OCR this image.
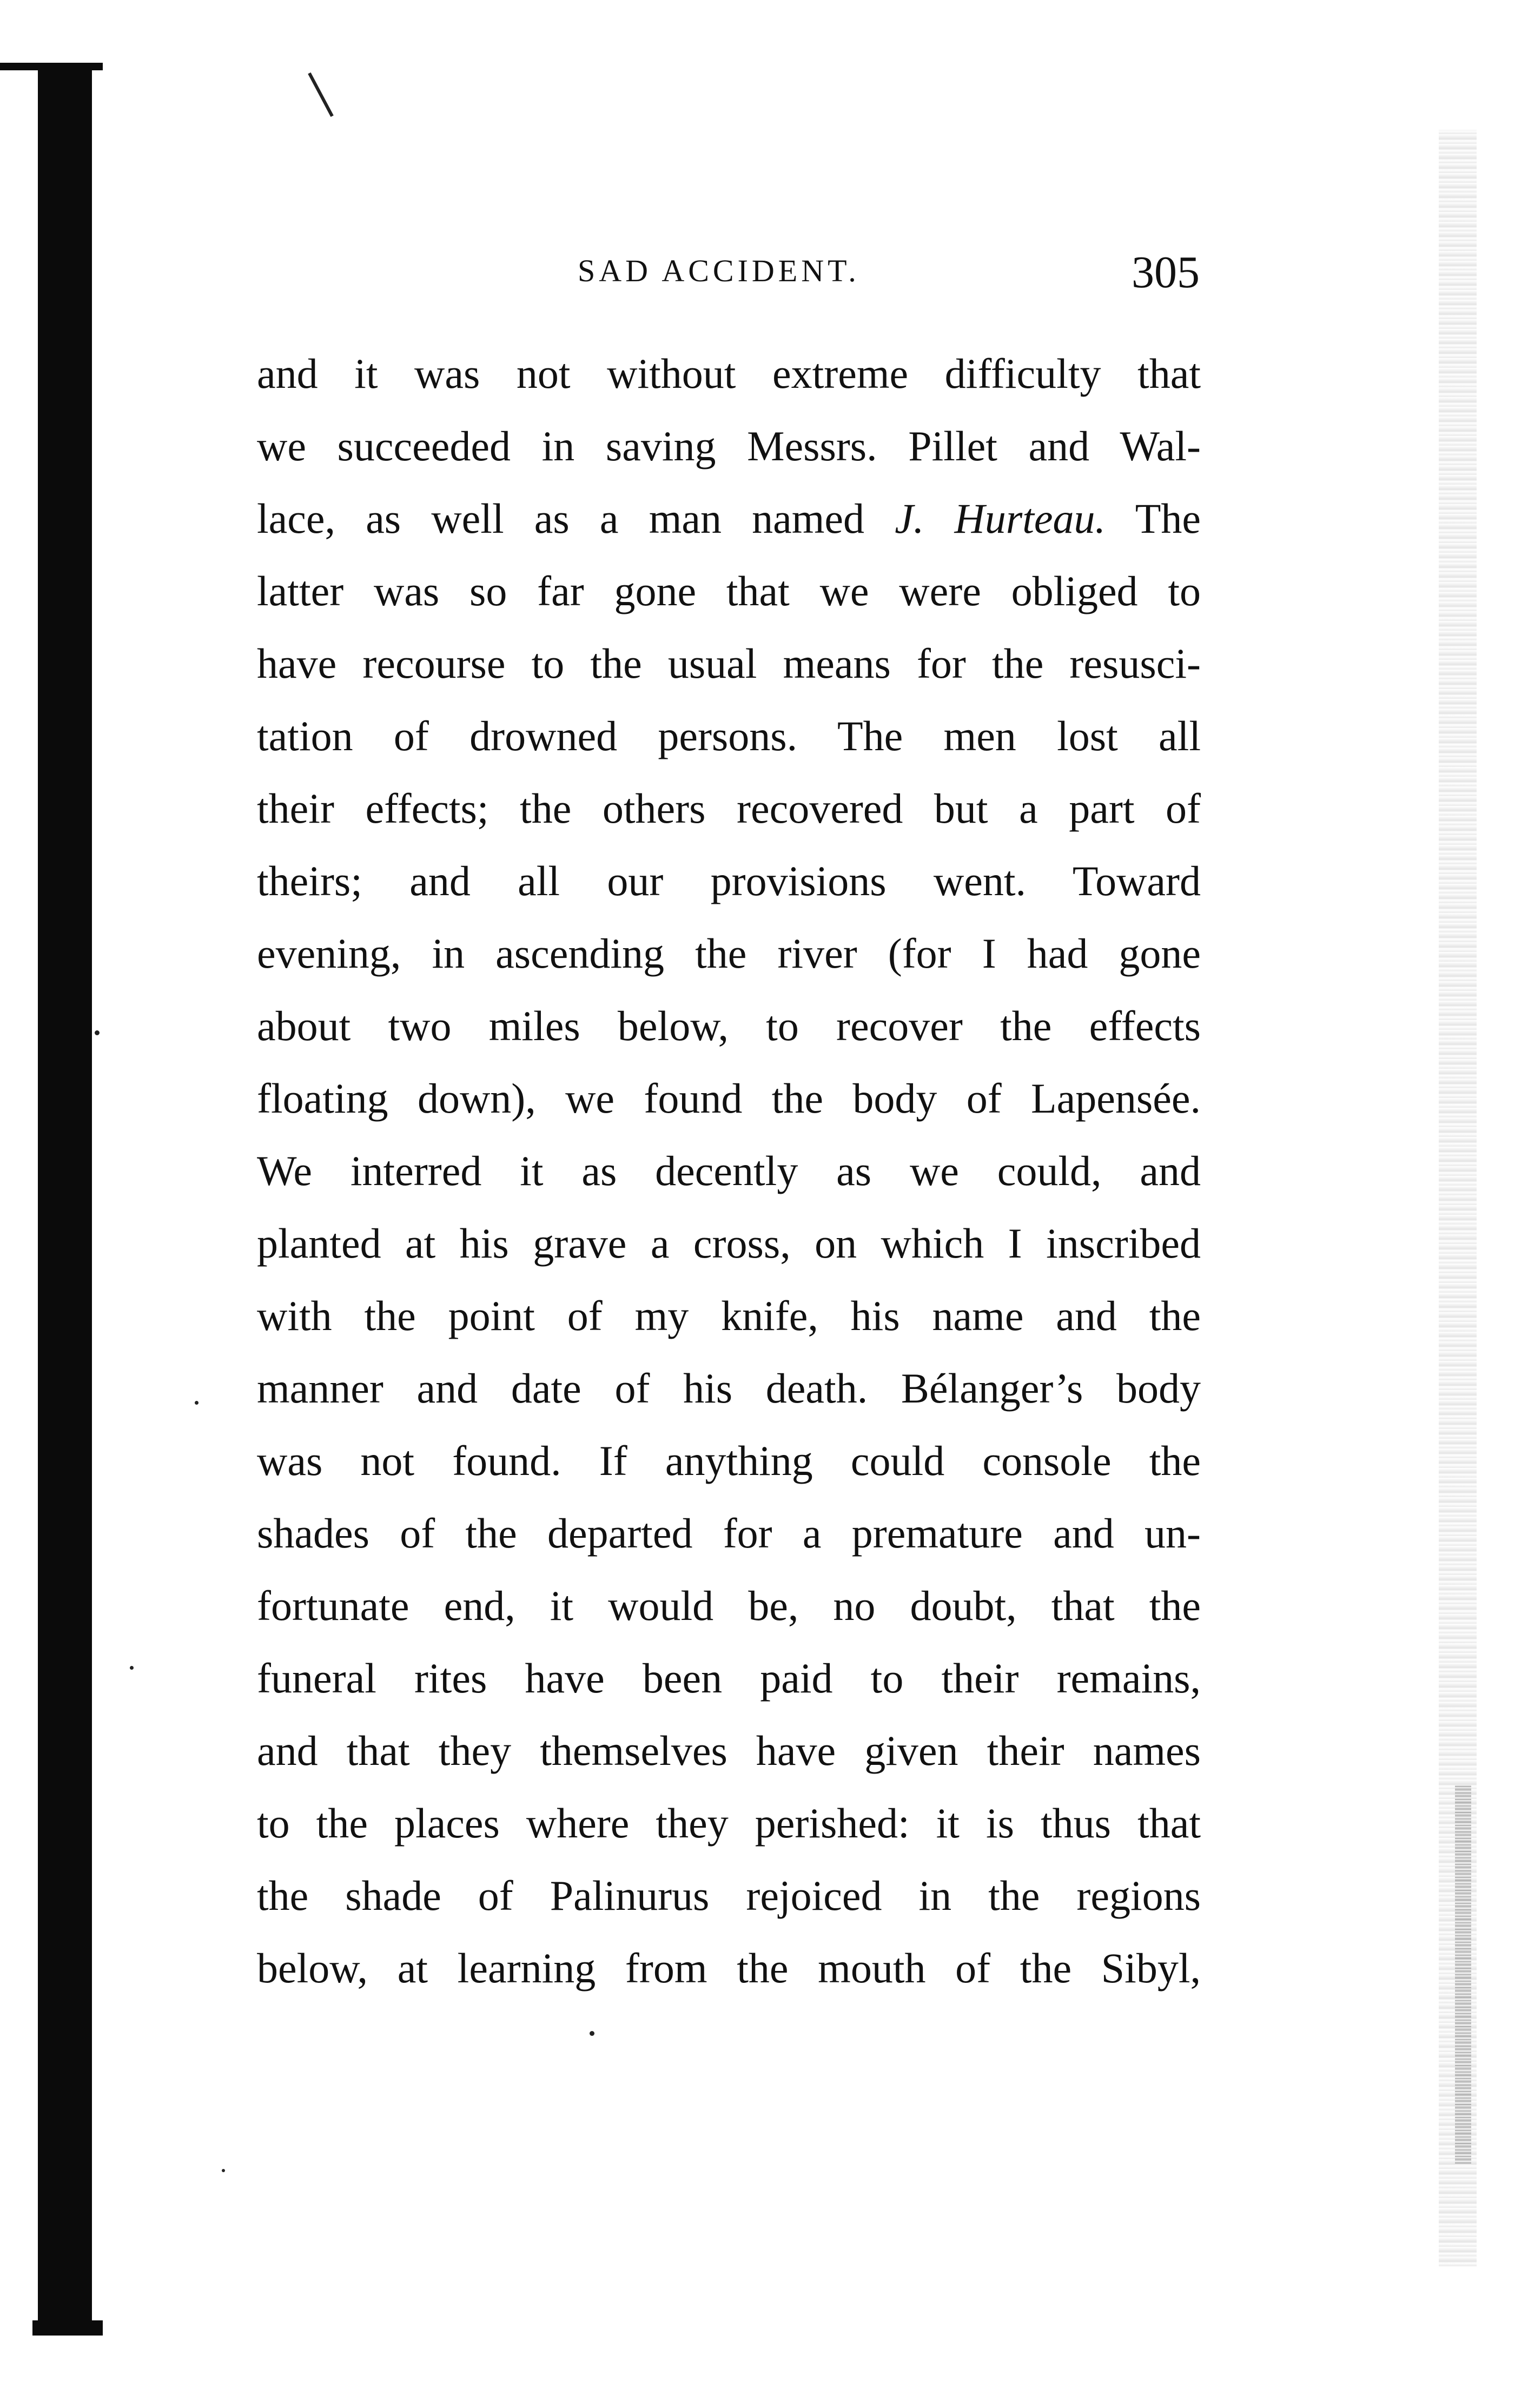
SAD ACCIDENT.	305
and it was not without extreme difficulty that
we succeeded in saving Messrs. Pillet and Wal-
lace, as well as a man named J. Hurteau. The
latter was so far gone that we were obliged to
have recourse to the usual means for the resusci-
tation of drowned persons. The men lost all
their effects; the others recovered but a part of
theirs; and all our provisions went. Toward
evening, in ascending the river (for I had gone
about two miles below, to recover the effects
floating down), we found the body of Lapensée.
We interred it as decently as we could, and
planted at his grave a cross, on which I inscribed
with the point of my knife, his name and the
manner and date of his death. Bélanger’s body
was not found. If anything could console the
shades of the departed for a premature and un-
fortunate end, it would be, no doubt, that the
funeral rites have been paid to their remains,
and that they themselves have given their names
to the places where they perished: it is thus that
the shade of Palinurus rejoiced in the regions
below, at learning from the mouth of the Sibyl,
